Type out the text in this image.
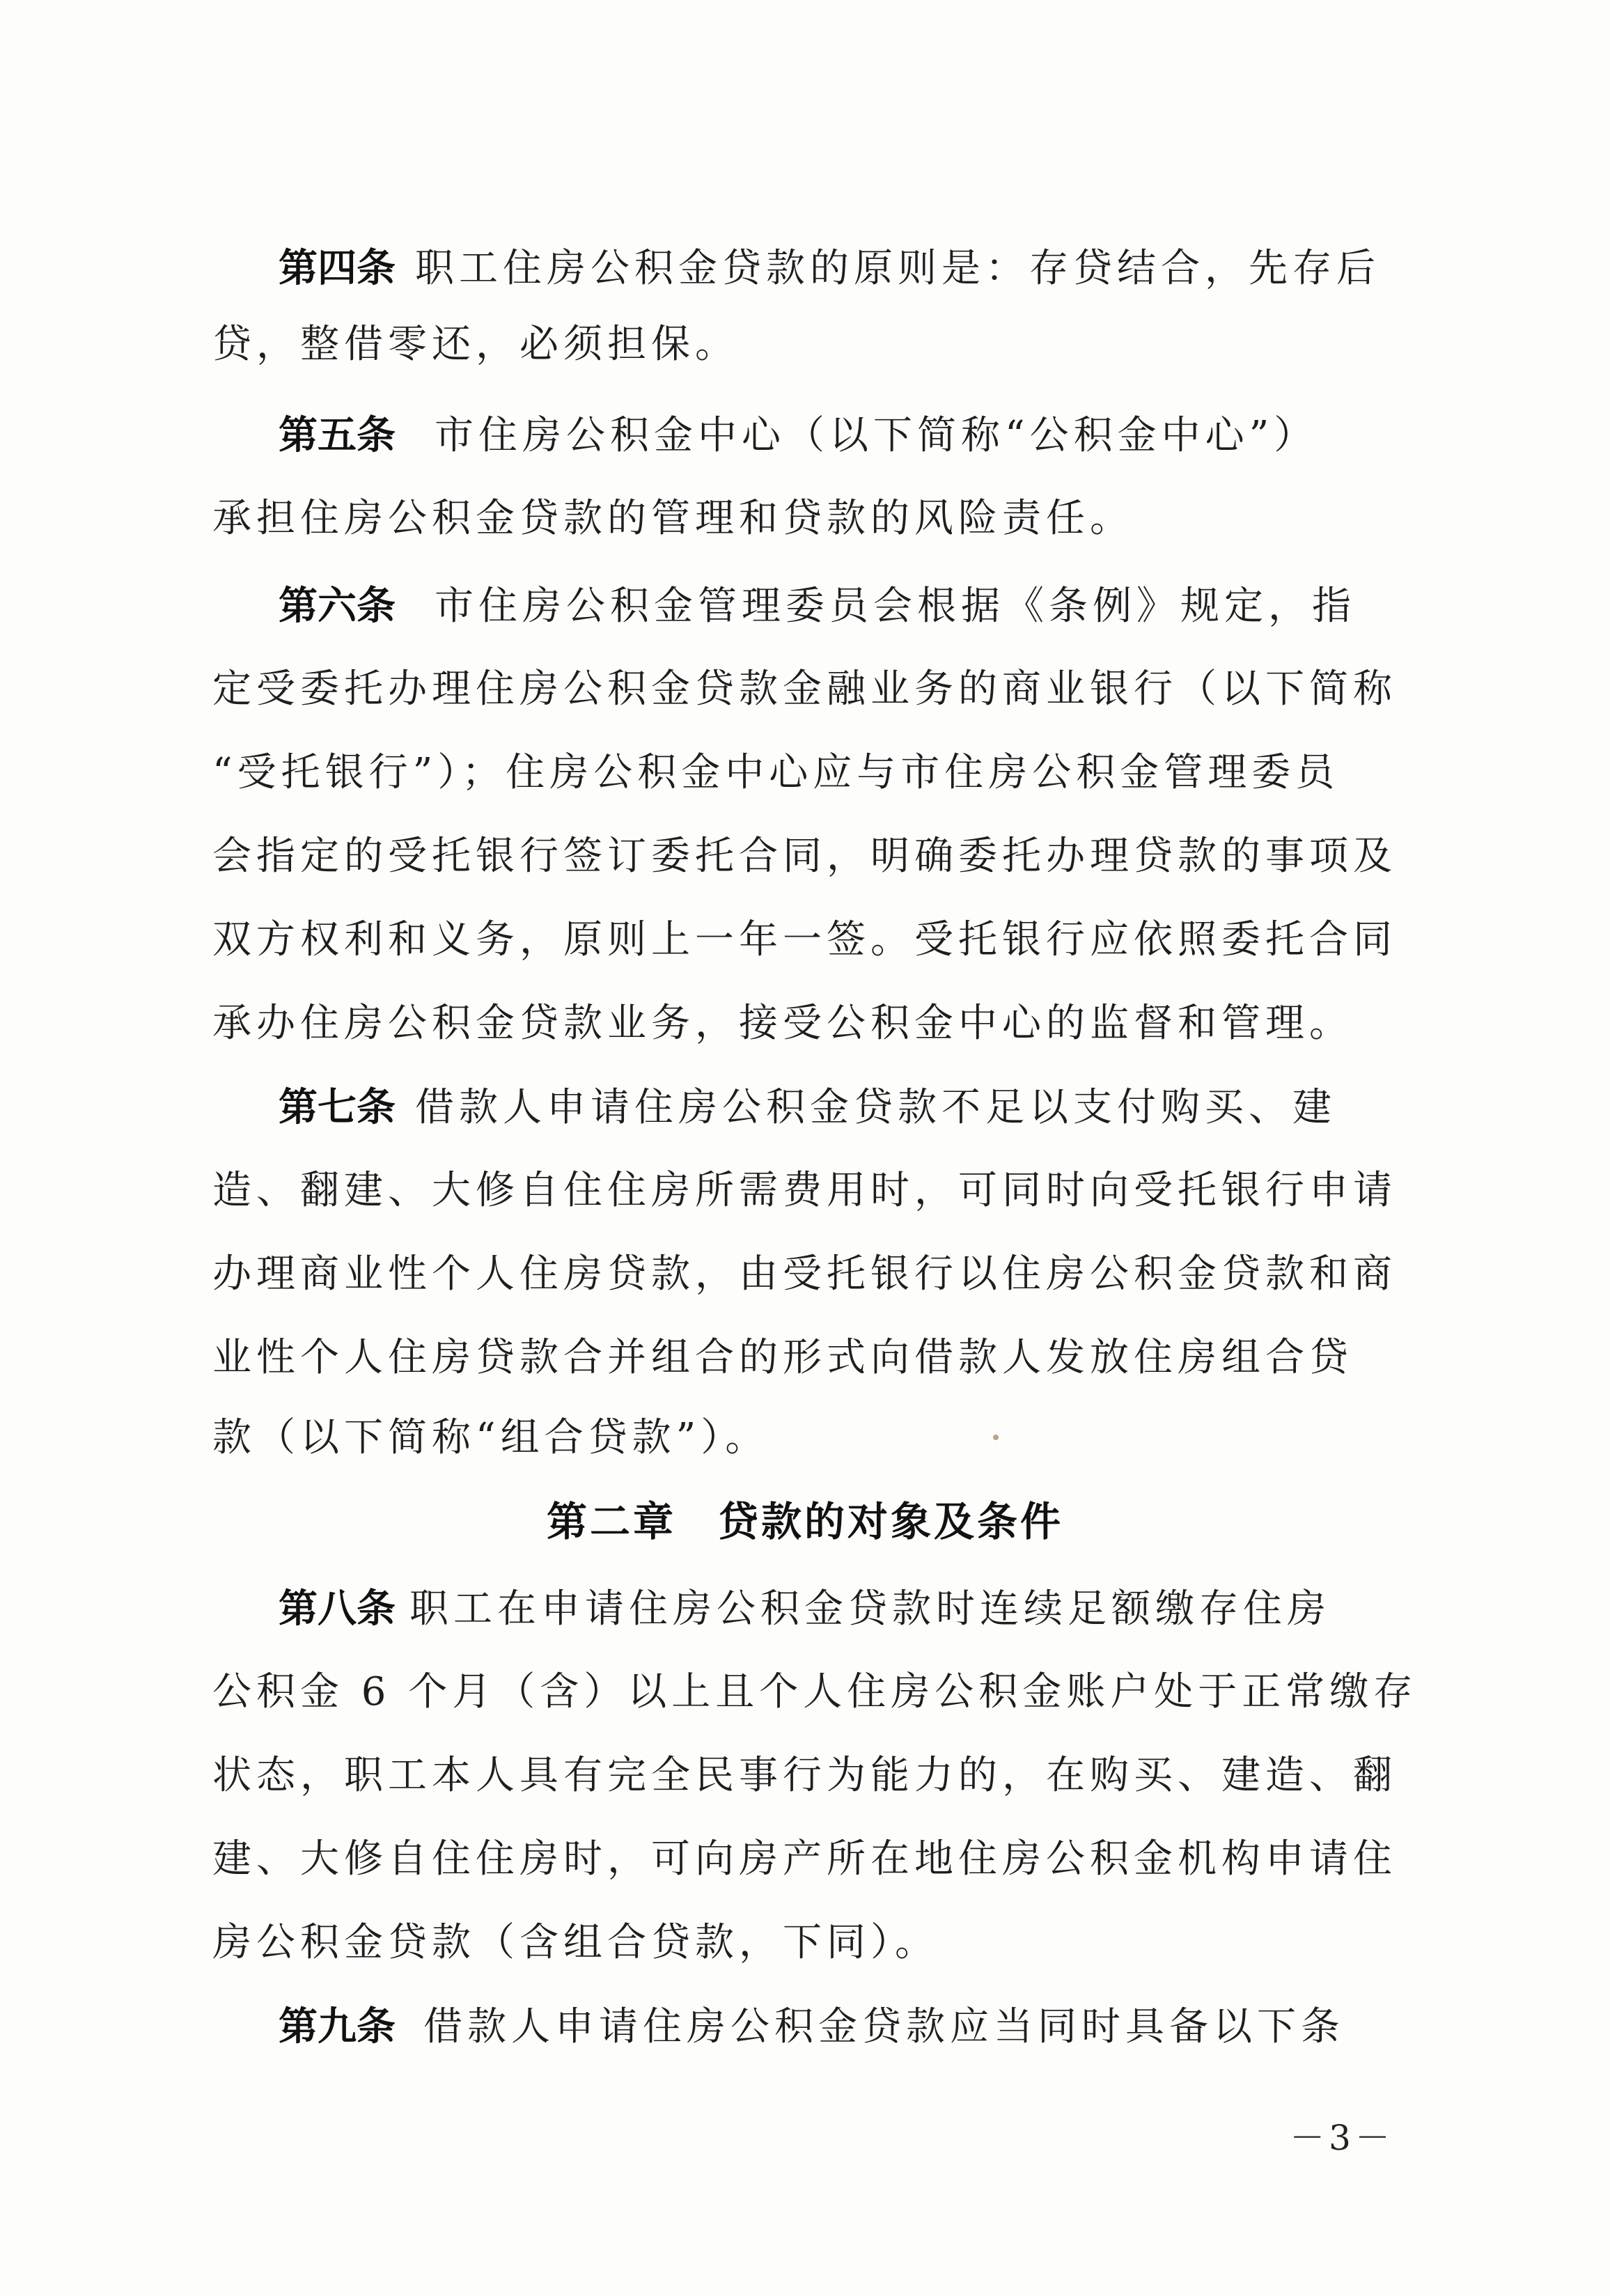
第四条 职工住房公积金贷款的原则是：存贷结合，先存后
贷，整借零还，必须担保。
第五条 市住房公积金中心（以下简称“公积金中心”）
承担住房公积金贷款的管理和贷款的风险责任。
第六条 市住房公积金管理委员会根据《条例》规定，指
定受委托办理住房公积金贷款金融业务的商业银行（以下简称
“受托银行”）；住房公积金中心应与市住房公积金管理委员
会指定的受托银行签订委托合同，明确委托办理贷款的事项及
双方权利和义务，原则上一年一签。受托银行应依照委托合同
承办住房公积金贷款业务，接受公积金中心的监督和管理。
第七条 借款人申请住房公积金贷款不足以支付购买、建
造、翻建、大修自住住房所需费用时，可同时向受托银行申请
办理商业性个人住房贷款，由受托银行以住房公积金贷款和商
业性个人住房贷款合并组合的形式向借款人发放住房组合贷
款（以下简称“组合贷款”）。
第八条 职工在申请住房公积金贷款时连续足额缴存住房
公积金 6 个月（含）以上且个人住房公积金账户处于正常缴存
状态，职工本人具有完全民事行为能力的，在购买、建造、翻
建、大修自住住房时，可向房产所在地住房公积金机构申请住
房公积金贷款（含组合贷款，下同）。
第九条 借款人申请住房公积金贷款应当同时具备以下条
第二章 贷款的对象及条件
－3－
